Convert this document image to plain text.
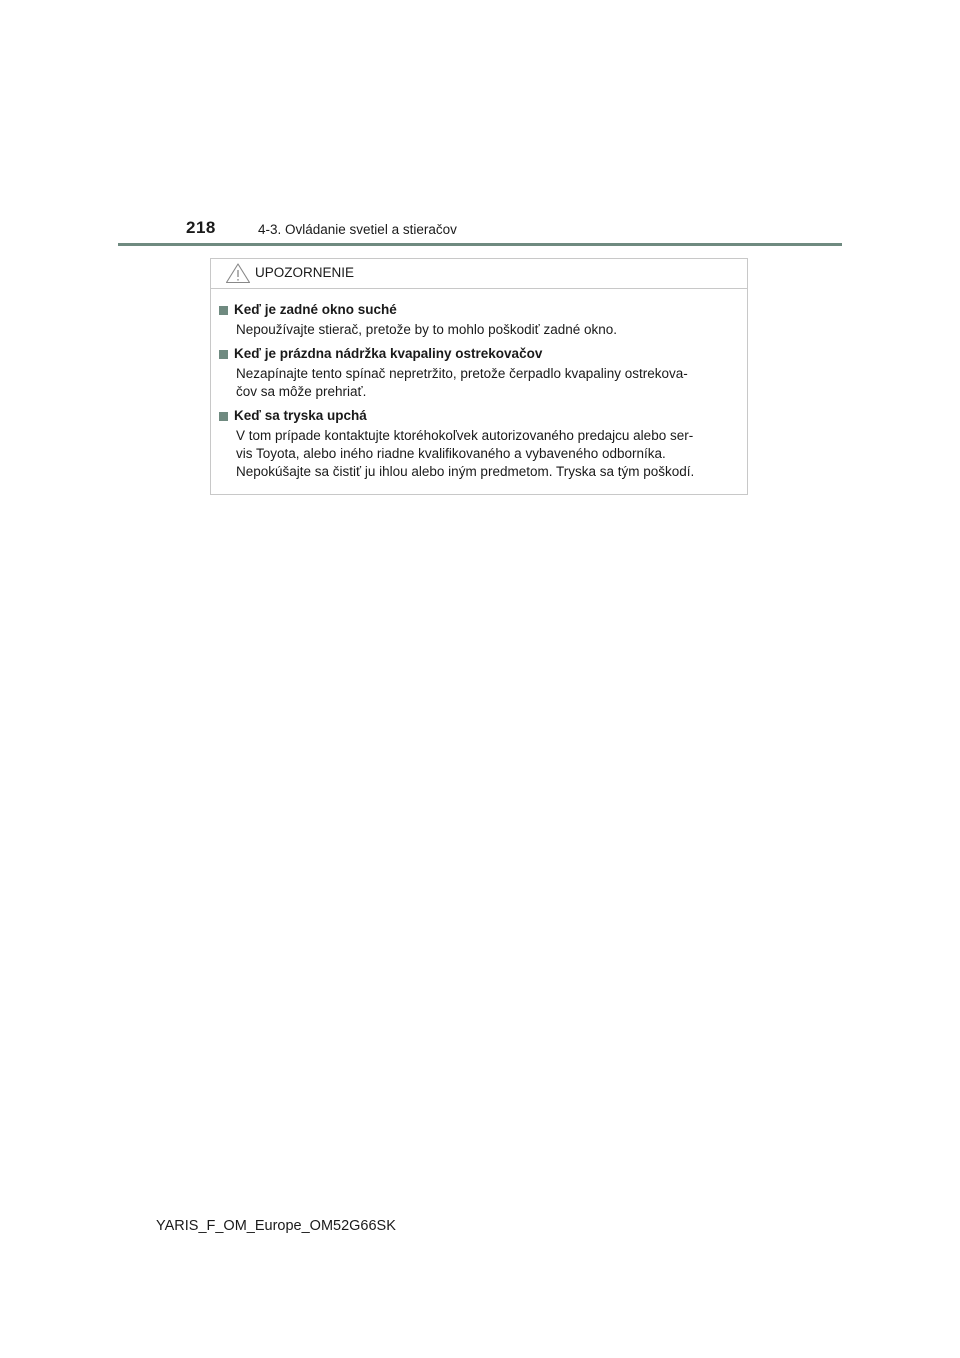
218	4-3. Ovládanie svetiel a stieračov
UPOZORNENIE
Keď je zadné okno suché
Nepoužívajte stierač, pretože by to mohlo poškodiť zadné okno.
Keď je prázdna nádržka kvapaliny ostrekovačov
Nezapínajte tento spínač nepretržito, pretože čerpadlo kvapaliny ostrekova-
čov sa môže prehriať.
Keď sa tryska upchá
V tom prípade kontaktujte ktoréhokoľvek autorizovaného predajcu alebo ser-
vis Toyota, alebo iného riadne kvalifikovaného a vybaveného odborníka.
Nepokúšajte sa čistiť ju ihlou alebo iným predmetom. Tryska sa tým poškodí.
YARIS_F_OM_Europe_OM52G66SK
